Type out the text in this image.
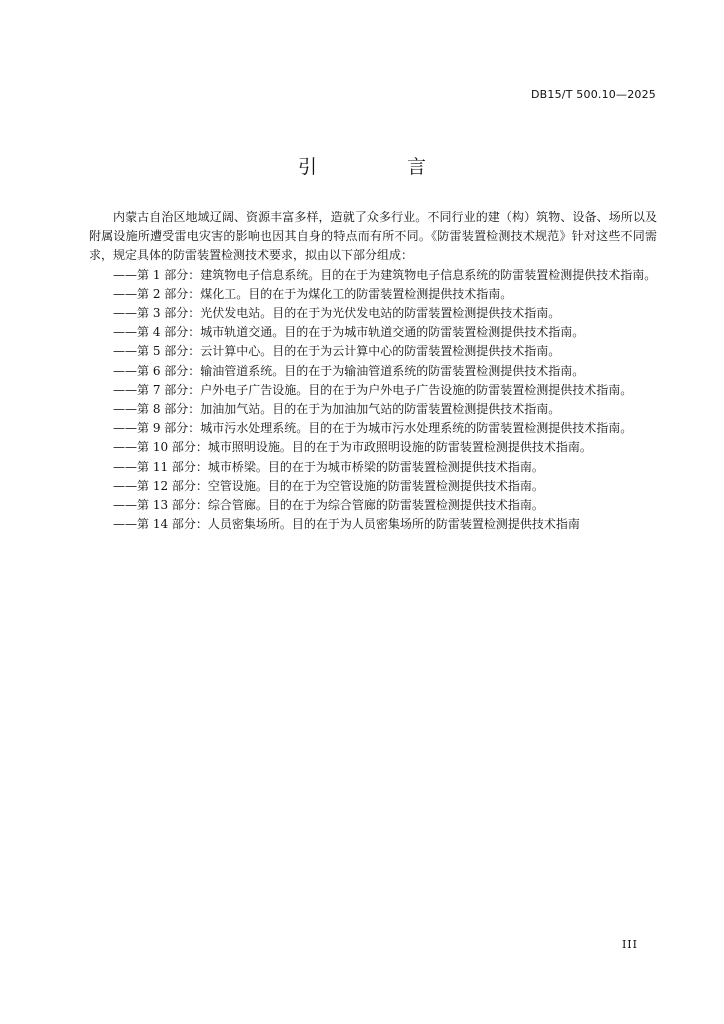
DB15/T 500.10—2025
引 言

内蒙古自治区地域辽阔、资源丰富多样，造就了众多行业。不同行业的建（构）筑物、设备、场所以及附属设施所遭受雷电灾害的影响也因其自身的特点而有所不同。《防雷装置检测技术规范》针对这些不同需求，规定具体的防雷装置检测技术要求，拟由以下部分组成：

——第 1 部分：建筑物电子信息系统。目的在于为建筑物电子信息系统的防雷装置检测提供技术指南。
——第 2 部分：煤化工。目的在于为煤化工的防雷装置检测提供技术指南。
——第 3 部分：光伏发电站。目的在于为光伏发电站的防雷装置检测提供技术指南。
——第 4 部分：城市轨道交通。目的在于为城市轨道交通的防雷装置检测提供技术指南。
——第 5 部分：云计算中心。目的在于为云计算中心的防雷装置检测提供技术指南。
——第 6 部分：输油管道系统。目的在于为输油管道系统的防雷装置检测提供技术指南。
——第 7 部分：户外电子广告设施。目的在于为户外电子广告设施的防雷装置检测提供技术指南。
——第 8 部分：加油加气站。目的在于为加油加气站的防雷装置检测提供技术指南。
——第 9 部分：城市污水处理系统。目的在于为城市污水处理系统的防雷装置检测提供技术指南。
——第 10 部分：城市照明设施。目的在于为市政照明设施的防雷装置检测提供技术指南。
——第 11 部分：城市桥梁。目的在于为城市桥梁的防雷装置检测提供技术指南。
——第 12 部分：空管设施。目的在于为空管设施的防雷装置检测提供技术指南。
——第 13 部分：综合管廊。目的在于为综合管廊的防雷装置检测提供技术指南。
——第 14 部分：人员密集场所。目的在于为人员密集场所的防雷装置检测提供技术指南
III
